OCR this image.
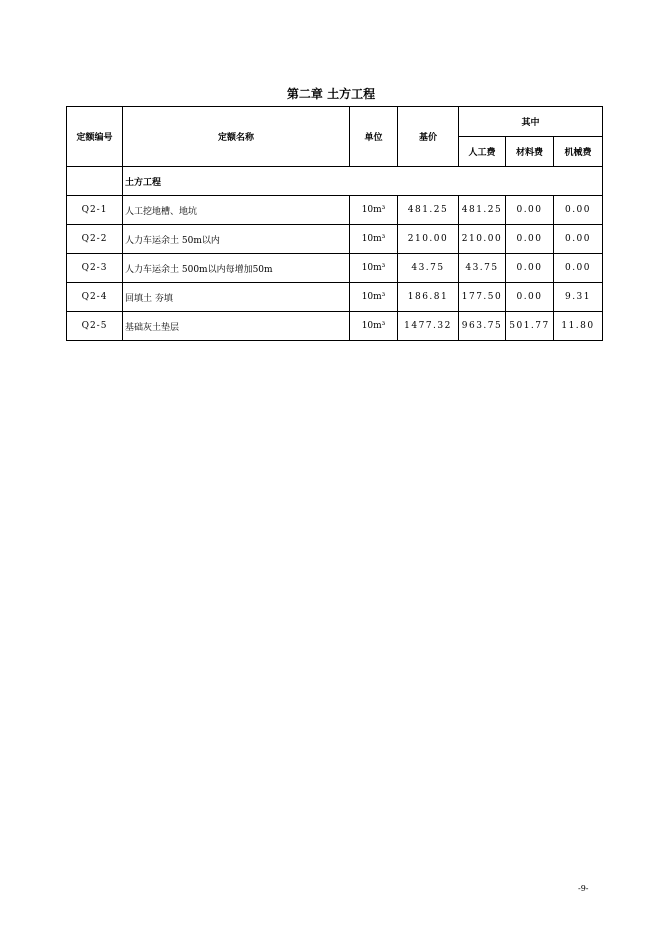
第二章 土方工程
定额编号	定额名称	单位	基价	其中		
				人工费	材料费	机械费
	土方工程					
Q2-1	人工挖地槽、地坑	10m³	481.25	481.25	0.00	0.00
Q2-2	人力车运余土 50m以内	10m³	210.00	210.00	0.00	0.00
Q2-3	人力车运余土 500m以内每增加50m	10m³	43.75	43.75	0.00	0.00
Q2-4	回填土 夯填	10m³	186.81	177.50	0.00	9.31
Q2-5	基础灰土垫层	10m³	1477.32	963.75	501.77	11.80
-9-
